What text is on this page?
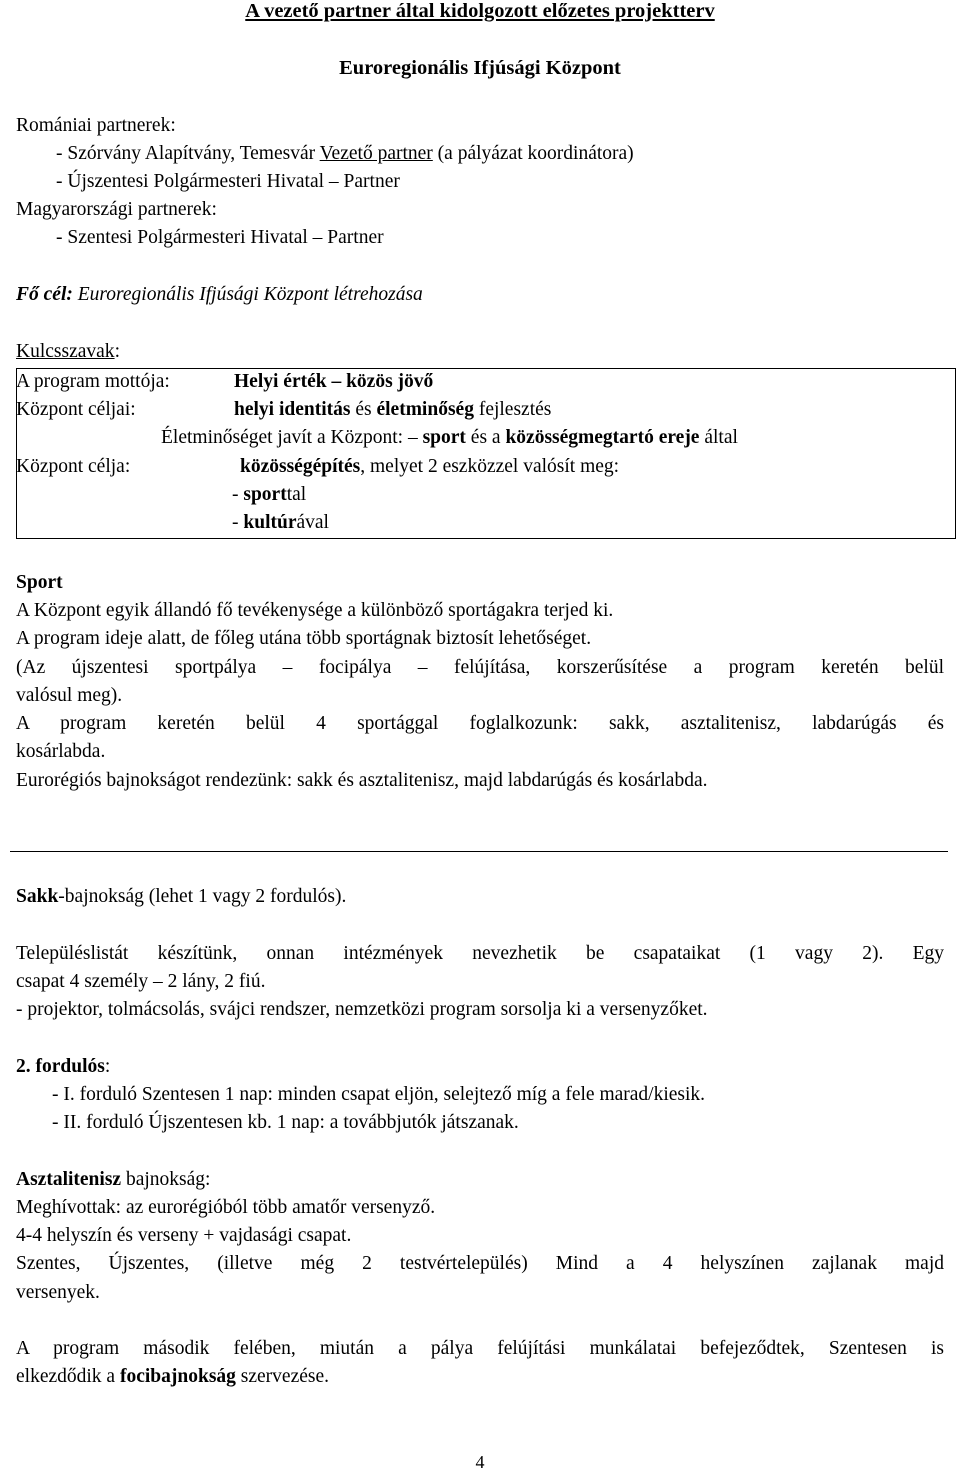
A vezető partner által kidolgozott előzetes projektterv
Euroregionális Ifjúsági Központ
Romániai partnerek:
- Szórvány Alapítvány, Temesvár Vezető partner (a pályázat koordinátora)
- Újszentesi Polgármesteri Hivatal – Partner
Magyarországi partnerek:
- Szentesi Polgármesteri Hivatal – Partner
Fő cél: Euroregionális Ifjúsági Központ létrehozása
Kulcsszavak:
A program mottója:	Helyi érték – közös jövő
Központ céljai:	helyi identitás és életminőség fejlesztés
Életminőséget javít a Központ: – sport és a közösségmegtartó ereje által
Központ célja:	közösségépítés, melyet 2 eszközzel valósít meg:
- sporttal
- kultúrával
Sport
A Központ egyik állandó fő tevékenysége a különböző sportágakra terjed ki.
A program ideje alatt, de főleg utána több sportágnak biztosít lehetőséget.
(Az újszentesi sportpálya – focipálya – felújítása, korszerűsítése a program keretén belül
valósul meg).
A program keretén belül 4 sportággal foglalkozunk: sakk, asztalitenisz, labdarúgás és
kosárlabda.
Eurorégiós bajnokságot rendezünk: sakk és asztalitenisz, majd labdarúgás és kosárlabda.
Sakk-bajnokság (lehet 1 vagy 2 fordulós).
Településlistát készítünk, onnan intézmények nevezhetik be csapataikat (1 vagy 2). Egy
csapat 4 személy – 2 lány, 2 fiú.
- projektor, tolmácsolás, svájci rendszer, nemzetközi program sorsolja ki a versenyzőket.
2. fordulós:
- I. forduló Szentesen 1 nap: minden csapat eljön, selejtező míg a fele marad/kiesik.
- II. forduló Újszentesen kb. 1 nap: a továbbjutók játszanak.
Asztalitenisz bajnokság:
Meghívottak: az eurorégióból több amatőr versenyző.
4-4 helyszín és verseny + vajdasági csapat.
Szentes, Újszentes, (illetve még 2 testvértelepülés) Mind a 4 helyszínen zajlanak majd
versenyek.
A program második felében, miután a pálya felújítási munkálatai befejeződtek, Szentesen is
elkezdődik a focibajnokság szervezése.
4
